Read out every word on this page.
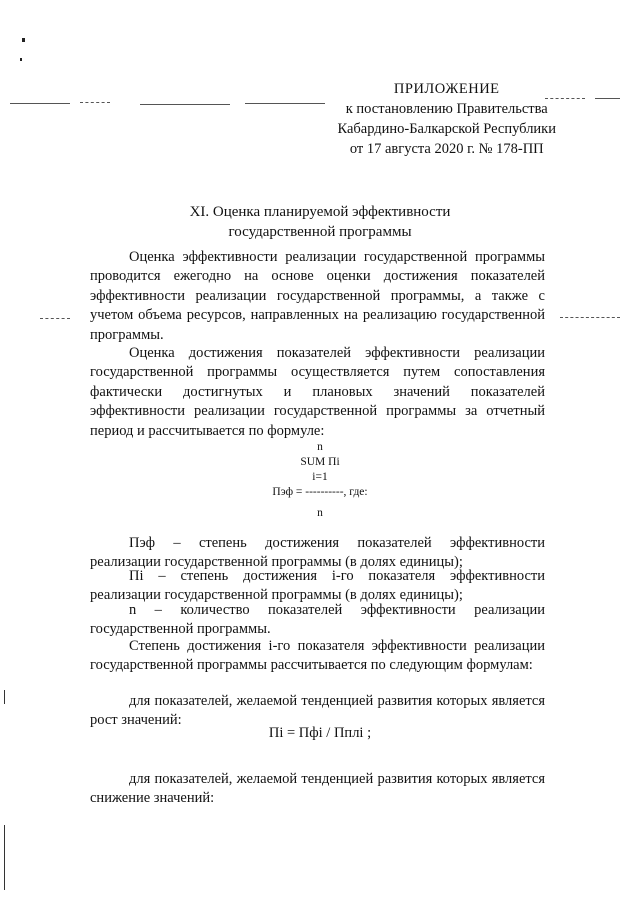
ПРИЛОЖЕНИЕ
к постановлению Правительства
Кабардино-Балкарской Республики
от 17 августа 2020 г. № 178-ПП
XI. Оценка планируемой эффективности
государственной программы
Оценка эффективности реализации государственной программы проводится ежегодно на основе оценки достижения показателей эффективности реализации государственной программы, а также с учетом объема ресурсов, направленных на реализацию государственной программы.
Оценка достижения показателей эффективности реализации государственной программы осуществляется путем сопоставления фактически достигнутых и плановых значений показателей эффективности реализации государственной программы за отчетный период и рассчитывается по формуле:
n
SUM Пi
i=1
Пэф = ----------, где:
n
Пэф – степень достижения показателей эффективности реализации государственной программы (в долях единицы);
Пi – степень достижения i-го показателя эффективности реализации государственной программы (в долях единицы);
n – количество показателей эффективности реализации государственной программы.
Степень достижения i-го показателя эффективности реализации государственной программы рассчитывается по следующим формулам:
для показателей, желаемой тенденцией развития которых является рост значений:
Пi = Пфi / Пплi ;
для показателей, желаемой тенденцией развития которых является снижение значений:
